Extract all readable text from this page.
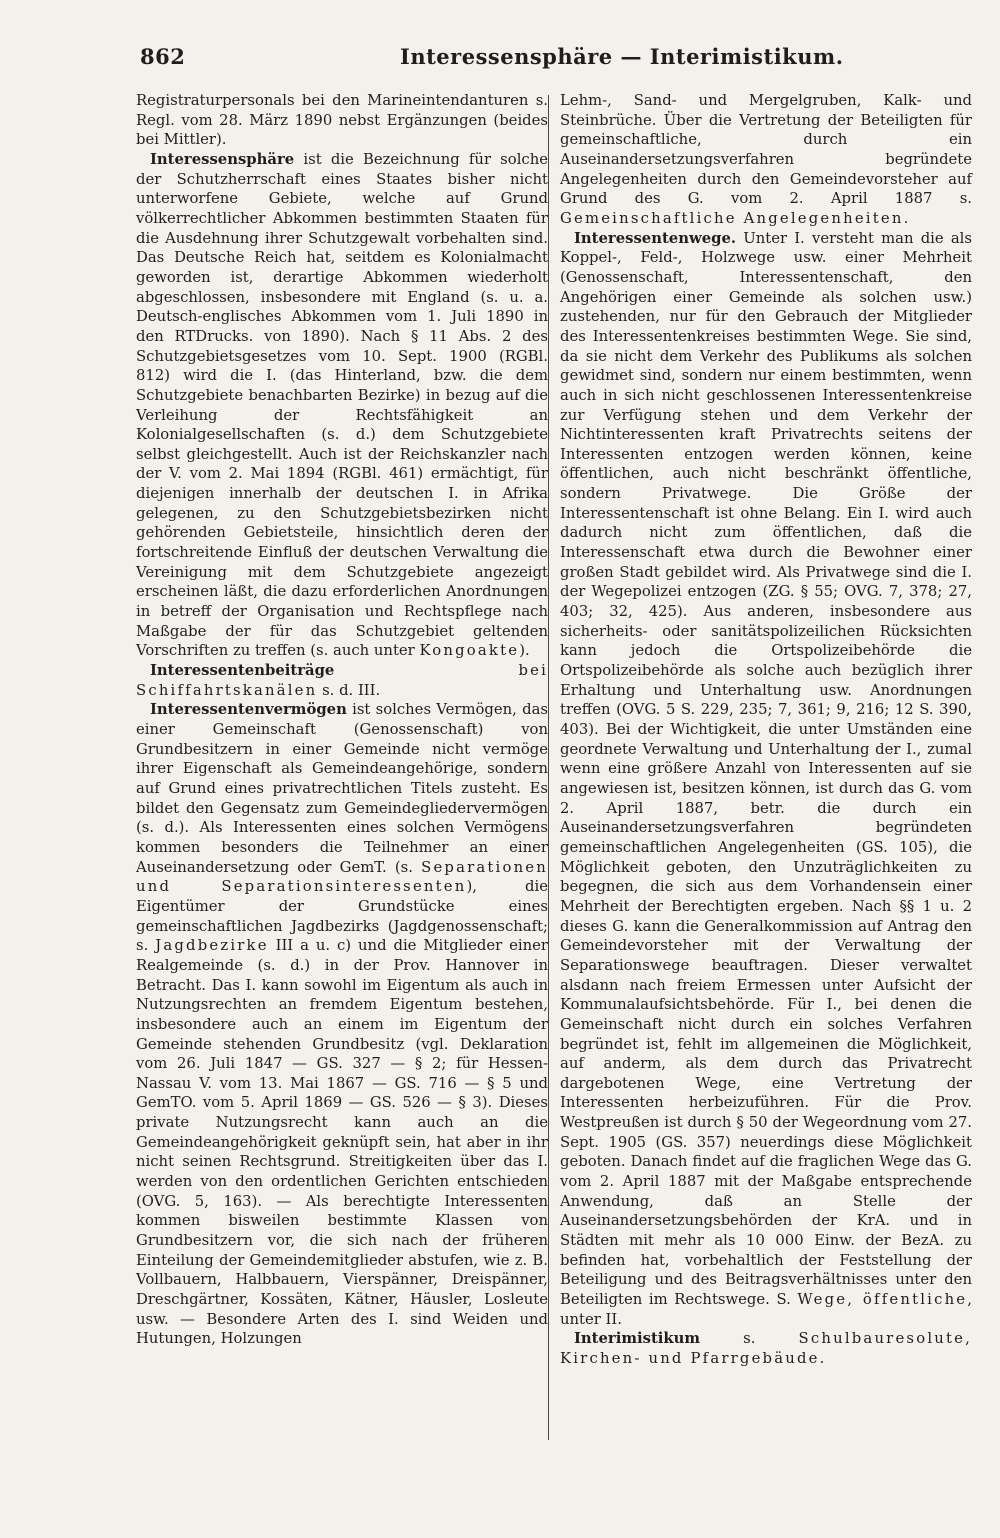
862	Interessensphäre — Interimistikum.

Registraturpersonals bei den Marineintendanturen s. Regl. vom 28. März 1890 nebst Ergänzungen (beides bei Mittler).

Interessensphäre ist die Bezeichnung für solche der Schutzherrschaft eines Staates bisher nicht unterworfene Gebiete, welche auf Grund völkerrechtlicher Abkommen bestimmten Staaten für die Ausdehnung ihrer Schutzgewalt vorbehalten sind. Das Deutsche Reich hat, seitdem es Kolonialmacht geworden ist, derartige Abkommen wiederholt abgeschlossen, insbesondere mit England (s. u. a. Deutsch-englisches Abkommen vom 1. Juli 1890 in den RTDrucks. von 1890). Nach § 11 Abs. 2 des Schutzgebietsgesetzes vom 10. Sept. 1900 (RGBl. 812) wird die I. (das Hinterland, bzw. die dem Schutzgebiete benachbarten Bezirke) in bezug auf die Verleihung der Rechtsfähigkeit an Kolonialgesellschaften (s. d.) dem Schutzgebiete selbst gleichgestellt. Auch ist der Reichskanzler nach der V. vom 2. Mai 1894 (RGBl. 461) ermächtigt, für diejenigen innerhalb der deutschen I. in Afrika gelegenen, zu den Schutzgebietsbezirken nicht gehörenden Gebietsteile, hinsichtlich deren der fortschreitende Einfluß der deutschen Verwaltung die Vereinigung mit dem Schutzgebiete angezeigt erscheinen läßt, die dazu erforderlichen Anordnungen in betreff der Organisation und Rechtspflege nach Maßgabe der für das Schutzgebiet geltenden Vorschriften zu treffen (s. auch unter Kongoakte).

Interessentenbeiträge	bei Schiffahrtskanälen s. d. III.

Interessentenvermögen ist solches Vermögen, das einer Gemeinschaft (Genossenschaft) von Grundbesitzern in einer Gemeinde nicht vermöge ihrer Eigenschaft als Gemeindeangehörige, sondern auf Grund eines privatrechtlichen Titels zusteht. Es bildet den Gegensatz zum Gemeindegliedervermögen (s. d.). Als Interessenten eines solchen Vermögens kommen besonders die Teilnehmer an einer Auseinandersetzung oder GemT. (s. Separationen und Separationsinteressenten), die Eigentümer der Grundstücke eines gemeinschaftlichen Jagdbezirks (Jagdgenossenschaft; s. Jagdbezirke III a u. c) und die Mitglieder einer Realgemeinde (s. d.) in der Prov. Hannover in Betracht. Das I. kann sowohl im Eigentum als auch in Nutzungsrechten an fremdem Eigentum bestehen, insbesondere auch an einem im Eigentum der Gemeinde stehenden Grundbesitz (vgl. Deklaration vom 26. Juli 1847 — GS. 327 — § 2; für Hessen-Nassau V. vom 13. Mai 1867 — GS. 716 — § 5 und GemTO. vom 5. April 1869 — GS. 526 — § 3). Dieses private Nutzungsrecht kann auch an die Gemeindeangehörigkeit geknüpft sein, hat aber in ihr nicht seinen Rechtsgrund. Streitigkeiten über das I. werden von den ordentlichen Gerichten entschieden (OVG. 5, 163). — Als berechtigte Interessenten kommen bisweilen bestimmte Klassen von Grundbesitzern vor, die sich nach der früheren Einteilung der Gemeindemitglieder abstufen, wie z. B. Vollbauern, Halbbauern, Vierspänner, Dreispänner, Dreschgärtner, Kossäten, Kätner, Häusler, Losleute usw. — Besondere Arten des I. sind Weiden und Hutungen, Holzungen

Lehm-, Sand- und Mergelgruben, Kalk- und Steinbrüche. Über die Vertretung der Beteiligten für gemeinschaftliche, durch ein Auseinandersetzungsverfahren begründete Angelegenheiten durch den Gemeindevorsteher auf Grund des G. vom 2. April 1887 s. Gemeinschaftliche Angelegenheiten.

Interessentenwege. Unter I. versteht man die als Koppel-, Feld-, Holzwege usw. einer Mehrheit (Genossenschaft, Interessentenschaft, den Angehörigen einer Gemeinde als solchen usw.) zustehenden, nur für den Gebrauch der Mitglieder des Interessentenkreises bestimmten Wege. Sie sind, da sie nicht dem Verkehr des Publikums als solchen gewidmet sind, sondern nur einem bestimmten, wenn auch in sich nicht geschlossenen Interessentenkreise zur Verfügung stehen und dem Verkehr der Nichtinteressenten kraft Privatrechts seitens der Interessenten entzogen werden können, keine öffentlichen, auch nicht beschränkt öffentliche, sondern Privatwege. Die Größe der Interessentenschaft ist ohne Belang. Ein I. wird auch dadurch nicht zum öffentlichen, daß die Interessenschaft etwa durch die Bewohner einer großen Stadt gebildet wird. Als Privatwege sind die I. der Wegepolizei entzogen (ZG. § 55; OVG. 7, 378; 27, 403; 32, 425). Aus anderen, insbesondere aus sicherheits- oder sanitätspolizeilichen Rücksichten kann jedoch die Ortspolizeibehörde die Ortspolizeibehörde als solche auch bezüglich ihrer Erhaltung und Unterhaltung usw. Anordnungen treffen (OVG. 5 S. 229, 235; 7, 361; 9, 216; 12 S. 390, 403). Bei der Wichtigkeit, die unter Umständen eine geordnete Verwaltung und Unterhaltung der I., zumal wenn eine größere Anzahl von Interessenten auf sie angewiesen ist, besitzen können, ist durch das G. vom 2. April 1887, betr. die durch ein Auseinandersetzungsverfahren begründeten gemeinschaftlichen Angelegenheiten (GS. 105), die Möglichkeit geboten, den Unzuträglichkeiten zu begegnen, die sich aus dem Vorhandensein einer Mehrheit der Berechtigten ergeben. Nach §§ 1 u. 2 dieses G. kann die Generalkommission auf Antrag den Gemeindevorsteher mit der Verwaltung der Separationswege beauftragen. Dieser verwaltet alsdann nach freiem Ermessen unter Aufsicht der Kommunalaufsichtsbehörde. Für I., bei denen die Gemeinschaft nicht durch ein solches Verfahren begründet ist, fehlt im allgemeinen die Möglichkeit, auf anderm, als dem durch das Privatrecht dargebotenen Wege, eine Vertretung der Interessenten herbeizuführen. Für die Prov. Westpreußen ist durch § 50 der Wegeordnung vom 27. Sept. 1905 (GS. 357) neuerdings diese Möglichkeit geboten. Danach findet auf die fraglichen Wege das G. vom 2. April 1887 mit der Maßgabe entsprechende Anwendung, daß an Stelle der Auseinandersetzungsbehörden der KrA. und in Städten mit mehr als 10 000 Einw. der BezA. zu befinden hat, vorbehaltlich der Feststellung der Beteiligung und des Beitragsverhältnisses unter den Beteiligten im Rechtswege. S. Wege, öffentliche, unter II.

Interimistikum s. Schulbauresolute, Kirchen- und Pfarrgebäude.
